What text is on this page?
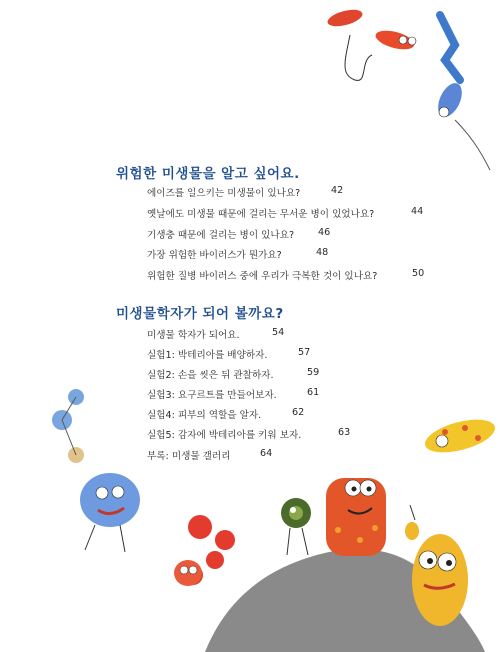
위험한 미생물을 알고 싶어요.
에이즈를 일으키는 미생물이 있나요?	42
옛날에도 미생물 때문에 걸리는 무서운 병이 있었나요?	44
기생충 때문에 걸리는 병이 있나요? 46
가장 위험한 바이러스가 뭔가요?	48
위험한 질병 바이러스 중에 우리가 극복한 것이 있나요?	50
미생물학자가 되어 볼까요?
미생물 학자가 되어요.	54
실험1: 박테리아를 배양하자.	57
실험2: 손을 씻은 뒤 관찰하자.	59
실험3: 요구르트를 만들어보자.	61
실험4: 피부의 역할을 알자.	62
실험5: 감자에 박테리아를 키워 보자.	63
부록: 미생물 갤러리	64
